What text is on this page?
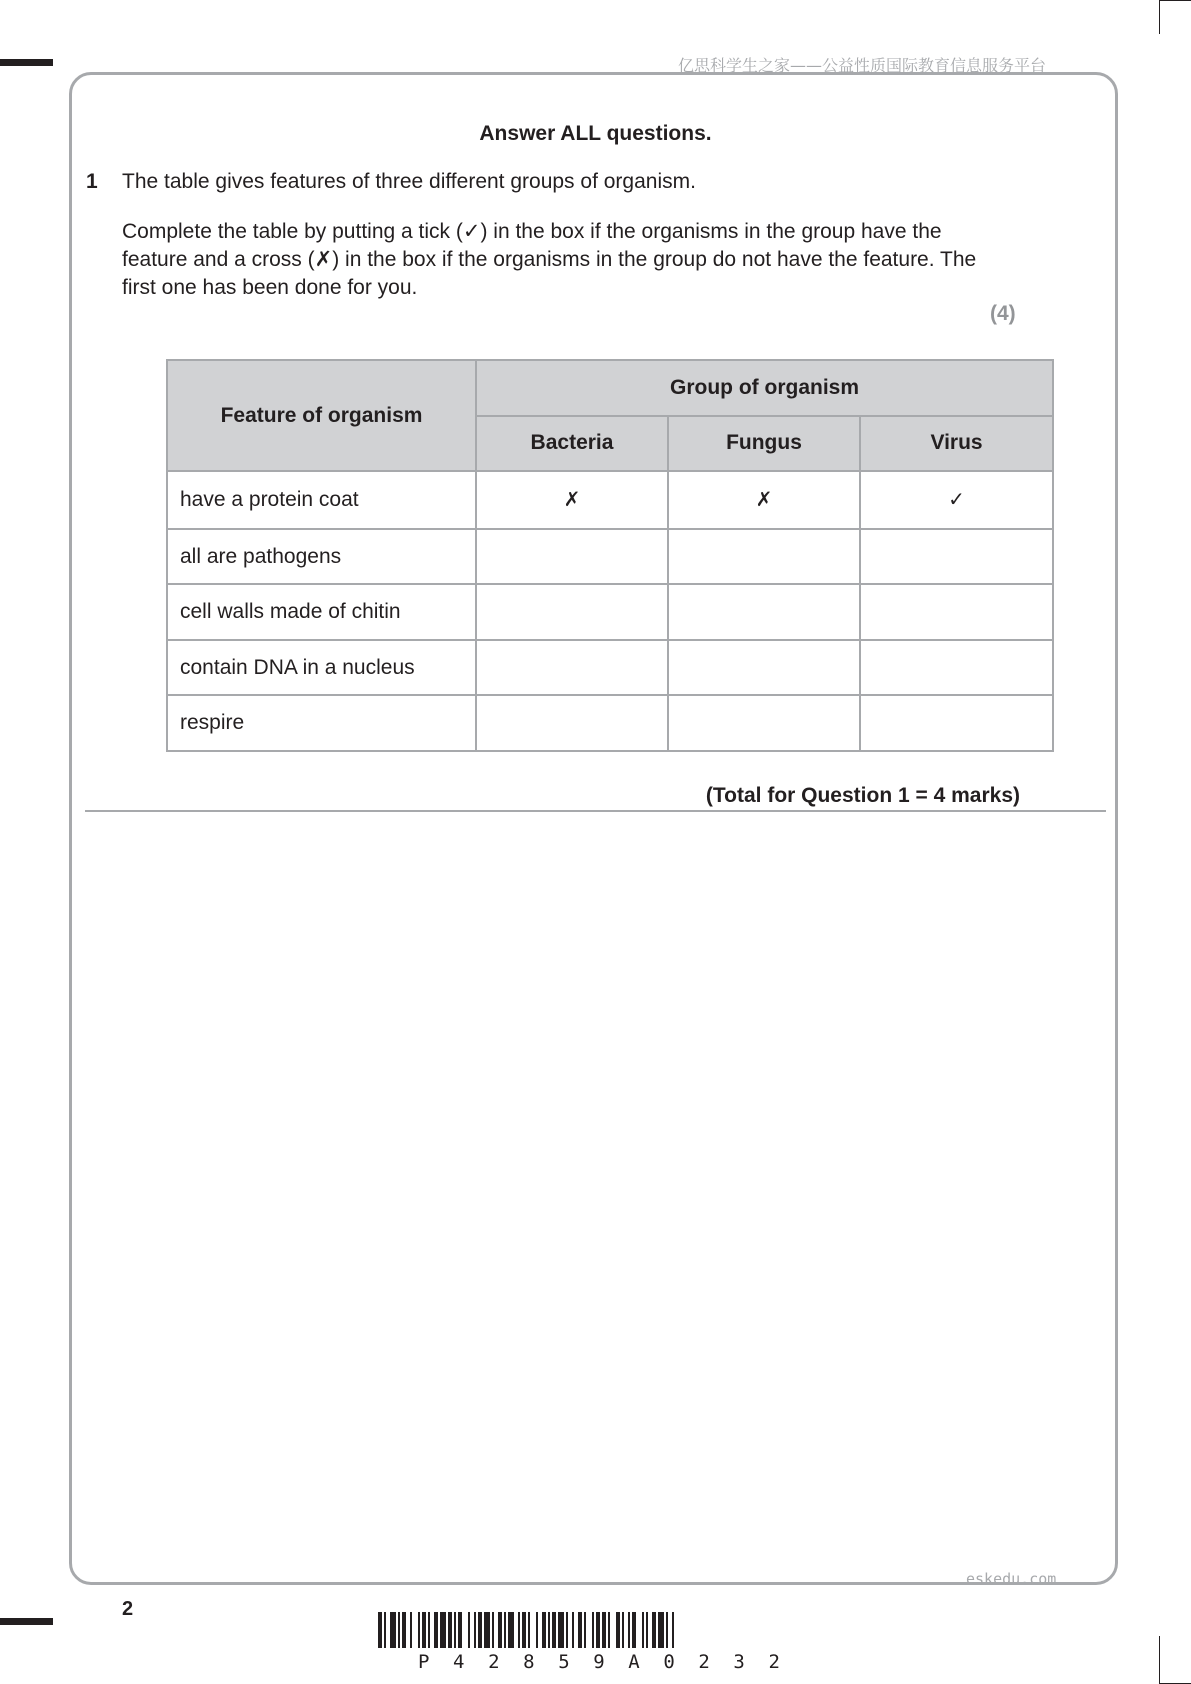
亿思科学生之家——公益性质国际教育信息服务平台
Answer ALL questions.
1 The table gives features of three different groups of organism.
Complete the table by putting a tick (✓) in the box if the organisms in the group have the feature and a cross (✗) in the box if the organisms in the group do not have the feature. The first one has been done for you.
(4)
Feature of organism	Group of organism		
	Bacteria	Fungus	Virus
have a protein coat	✗	✗	✓
all are pathogens			
cell walls made of chitin			
contain DNA in a nucleus			
respire			
(Total for Question 1 = 4 marks)
eskedu.com
2
P 4 2 8 5 9 A 0 2 3 2
